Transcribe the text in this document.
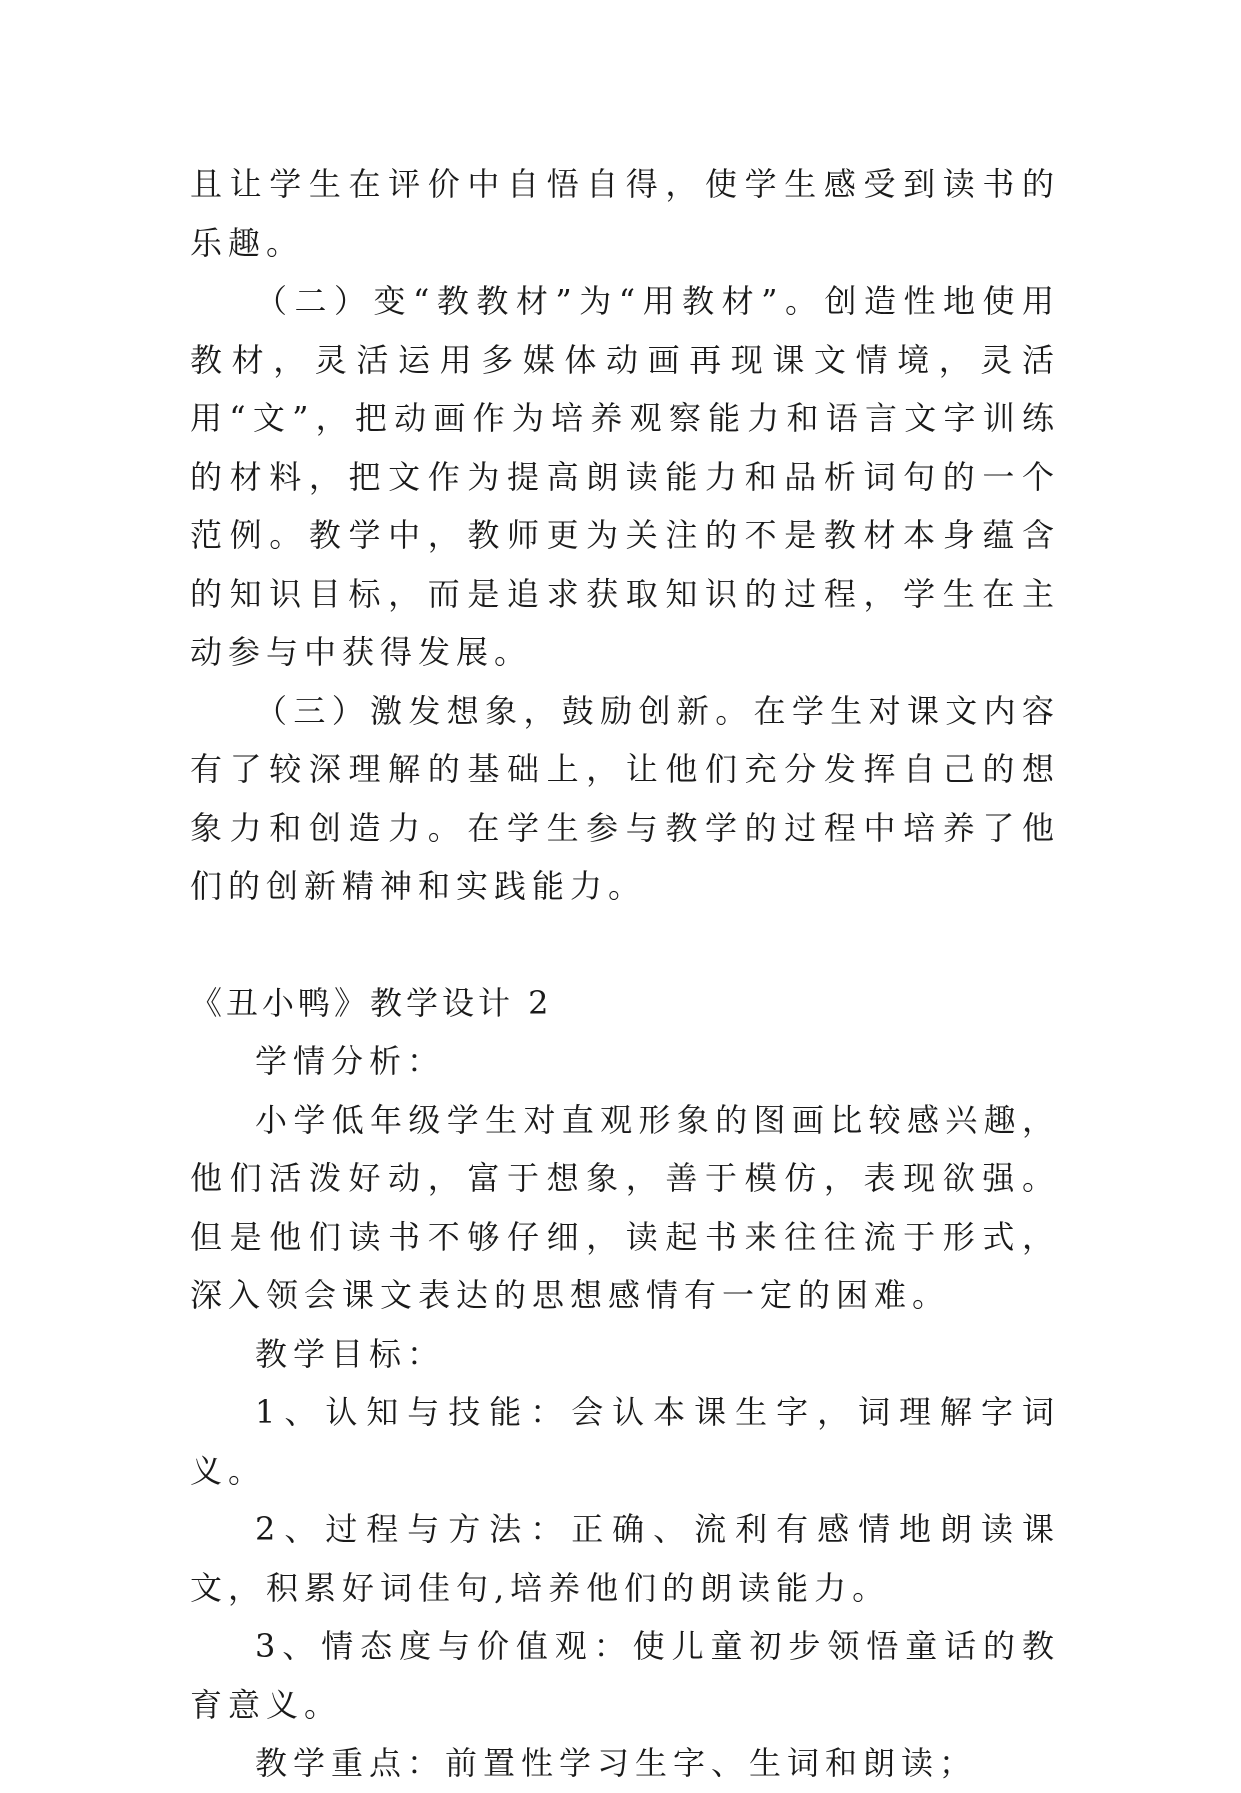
且让学生在评价中自悟自得，使学生感受到读书的乐趣。

（二）变“教教材”为“用教材”。创造性地使用教材，灵活运用多媒体动画再现课文情境，灵活用“文”，把动画作为培养观察能力和语言文字训练的材料，把文作为提高朗读能力和品析词句的一个范例。教学中，教师更为关注的不是教材本身蕴含的知识目标，而是追求获取知识的过程，学生在主动参与中获得发展。

（三）激发想象，鼓励创新。在学生对课文内容有了较深理解的基础上，让他们充分发挥自己的想象力和创造力。在学生参与教学的过程中培养了他们的创新精神和实践能力。

《丑小鸭》教学设计 2

学情分析：

小学低年级学生对直观形象的图画比较感兴趣，他们活泼好动，富于想象，善于模仿，表现欲强。但是他们读书不够仔细，读起书来往往流于形式，深入领会课文表达的思想感情有一定的困难。

教学目标：

1、认知与技能：会认本课生字，词理解字词义。

2、过程与方法：正确、流利有感情地朗读课文，积累好词佳句,培养他们的朗读能力。

3、情态度与价值观：使儿童初步领悟童话的教育意义。

教学重点：前置性学习生字、生词和朗读；
